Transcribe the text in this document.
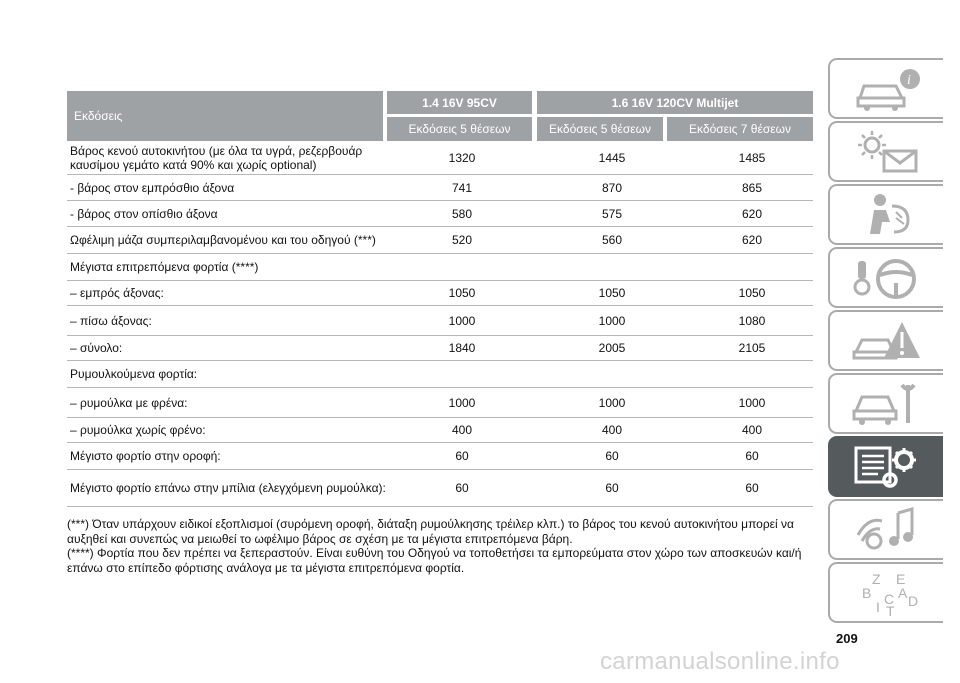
Εκδόσεις
1.4 16V 95CV	1.6 16V 120CV Multijet
Εκδόσεις 5 θέσεων	Εκδόσεις 5 θέσεων	Εκδόσεις 7 θέσεων
Βάρος κενού αυτοκινήτου (με όλα τα υγρά, ρεζερβουάρ καυσίμου γεμάτο κατά 90% και χωρίς optional)	1320	1445	1485
- βάρος στον εμπρόσθιο άξονα	741	870	865
- βάρος στον οπίσθιο άξονα	580	575	620
Ωφέλιμη μάζα συμπεριλαμβανομένου και του οδηγού (***)	520	560	620
Μέγιστα επιτρεπόμενα φορτία (****)
– εμπρός άξονας:	1050	1050	1050
– πίσω άξονας:	1000	1000	1080
– σύνολο:	1840	2005	2105
Ρυμουλκούμενα φορτία:
– ρυμούλκα με φρένα:	1000	1000	1000
– ρυμούλκα χωρίς φρένο:	400	400	400
Μέγιστο φορτίο στην οροφή:	60	60	60
Μέγιστο φορτίο επάνω στην μπίλια (ελεγχόμενη ρυμούλκα):	60	60	60

(***) Όταν υπάρχουν ειδικοί εξοπλισμοί (συρόμενη οροφή, διάταξη ρυμούλκησης τρέιλερ κλπ.) το βάρος του κενού αυτοκινήτου μπορεί να αυξηθεί και συνεπώς να μειωθεί το ωφέλιμο βάρος σε σχέση με τα μέγιστα επιτρεπόμενα βάρη.

(****) Φορτία που δεν πρέπει να ξεπεραστούν. Είναι ευθύνη του Οδηγού να τοποθετήσει τα εμπορεύματα στον χώρο των αποσκευών και/ή επάνω στο επίπεδο φόρτισης ανάλογα με τα μέγιστα επιτρεπόμενα φορτία.

209
carmanualsonline.info
i
Z E B A I C D T
